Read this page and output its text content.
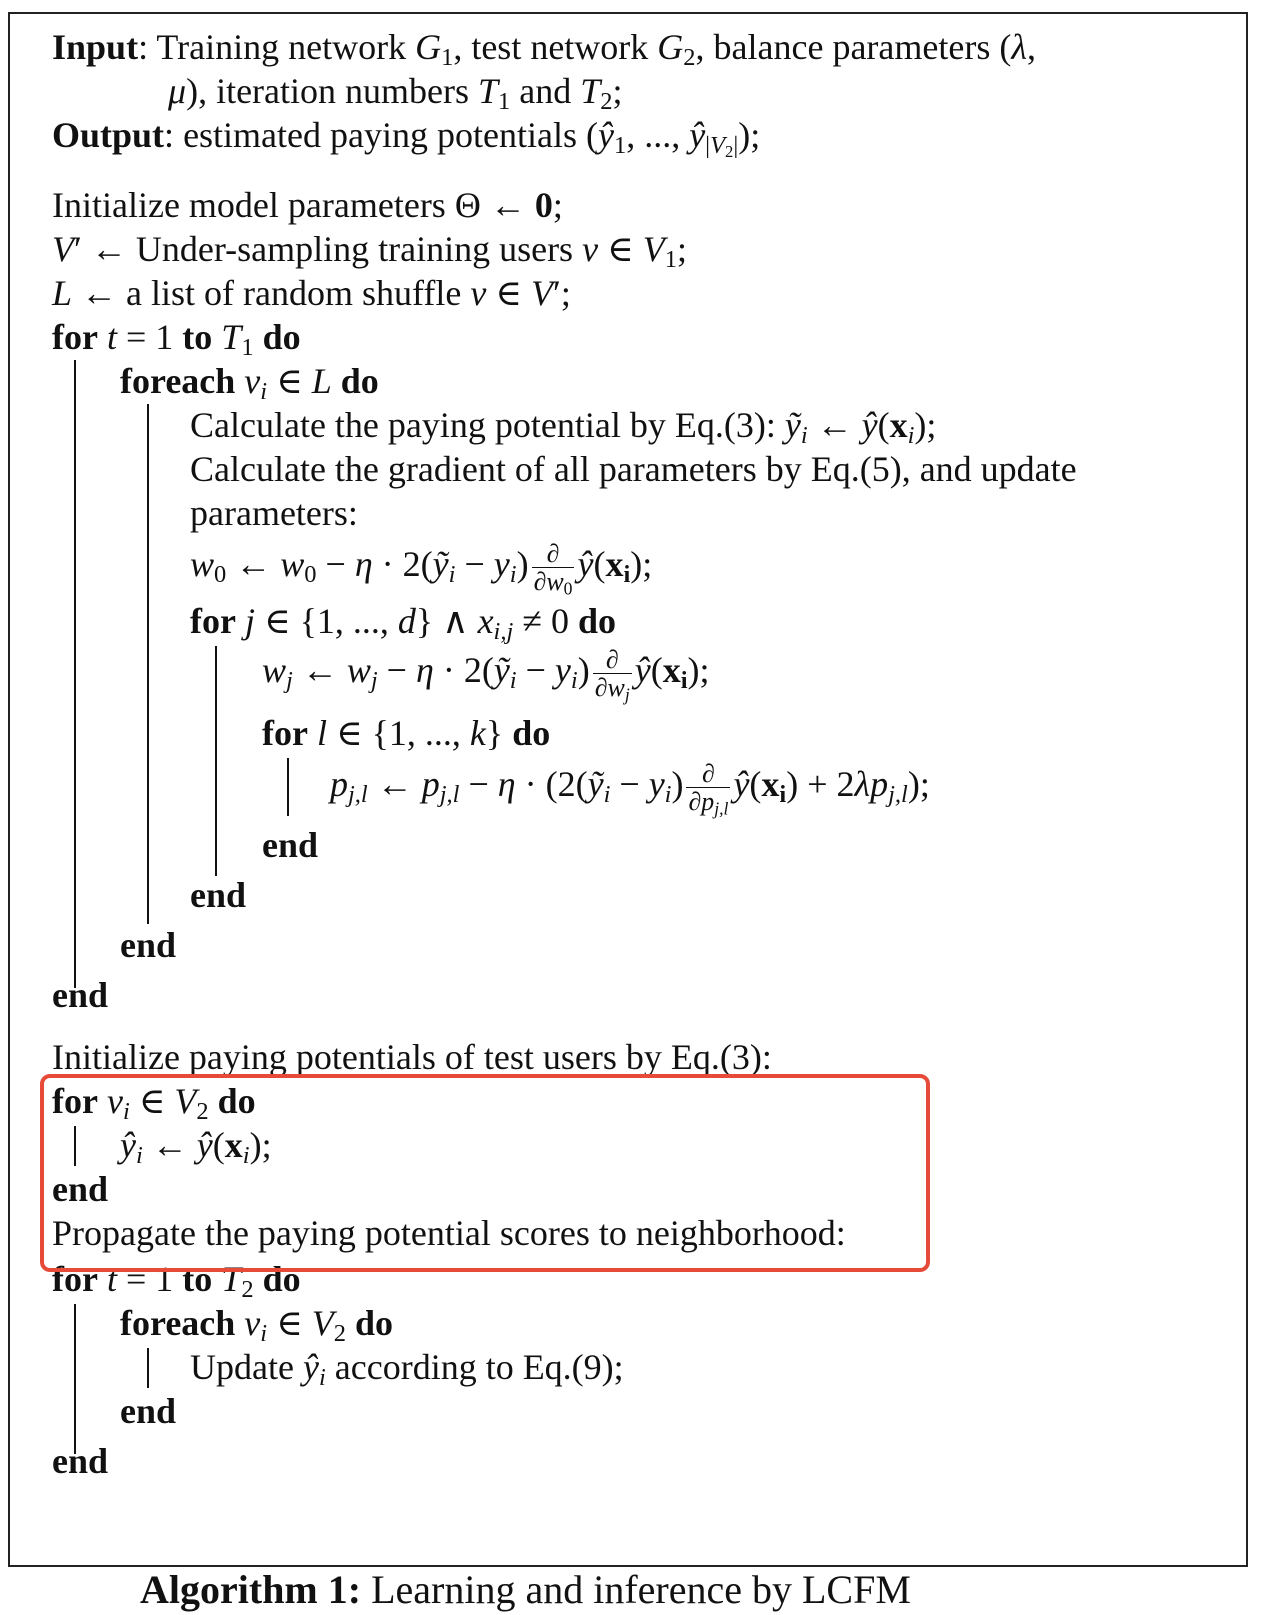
Input: Training network $G_1$, test network $G_2$, balance parameters (λ,
μ), iteration numbers $T_1$ and $T_2$;
Output: estimated paying potentials ($ŷ_1$, ..., $ŷ_{|V_2|}$);
Initialize model parameters Θ ← 0;
V′ ← Under-sampling training users v ∈ $V_1$;
L ← a list of random shuffle v ∈ V′;
for t = 1 to $T_1$ do
foreach $v_i$ ∈ L do
Calculate the paying potential by Eq.(3): ỹ$_i$ ← $ŷ(x_i)$;
Calculate the gradient of all parameters by Eq.(5), and update
parameters:
$w_0$ ← $w_0 - \eta$ · 2(ỹ$_i$ − $y_i) \frac{\partial}{\partial w_0}$ $ŷ(x_i)$;
for j ∈ {1, ..., d} ∧ $x_{i,j} \ne 0$ do
$w_j$ ← $w_j - \eta$ · 2(ỹ$_i$ − $y_i) \frac{\partial}{\partial w_j}$ $ŷ(x_i)$;
for l ∈ {1, ..., k} do
$p_{j,l}$ ← $p_{j,l} - \eta$ · (2(ỹ$_i$ − $y_i) \frac{\partial}{\partial p_{j,l}}$ $ŷ(x_i) + 2\lambda p_{j,l}$);
end
end
end
end
Initialize paying potentials of test users by Eq.(3):
for $v_i$ ∈ $V_2$ do
$ŷ_i$ ← $ŷ(x_i)$;
end
Propagate the paying potential scores to neighborhood:
for t = 1 to $T_2$ do
foreach $v_i$ ∈ $V_2$ do
Update $ŷ_i$ according to Eq.(9);
end
end
Algorithm 1: Learning and inference by LCFM
